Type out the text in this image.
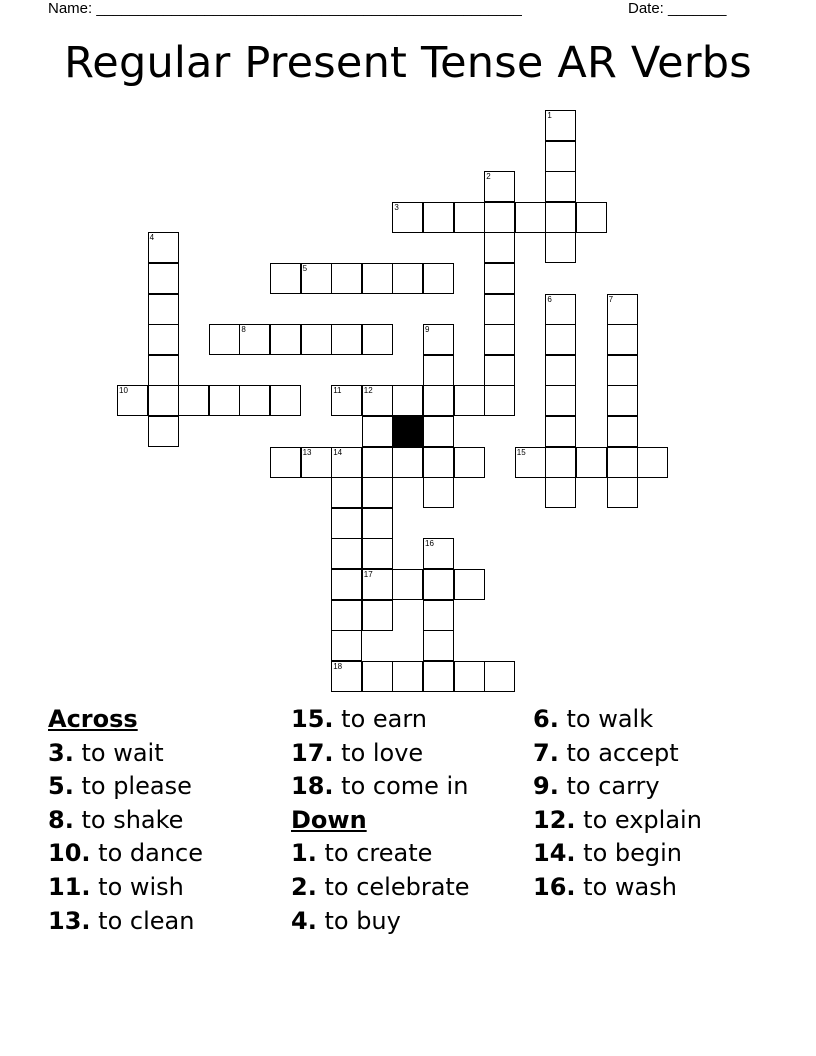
Name: ___________________________________________________	Date: _______
Regular Present Tense AR Verbs
3
5
8
10	11	12
13	14	15
17
18
1
2
4
6	7
9
16
Across
3. to wait
5. to please
8. to shake
10. to dance
11. to wish
13. to clean
15. to earn
17. to love
18. to come in
Down
1. to create
2. to celebrate
4. to buy
6. to walk
7. to accept
9. to carry
12. to explain
14. to begin
16. to wash
